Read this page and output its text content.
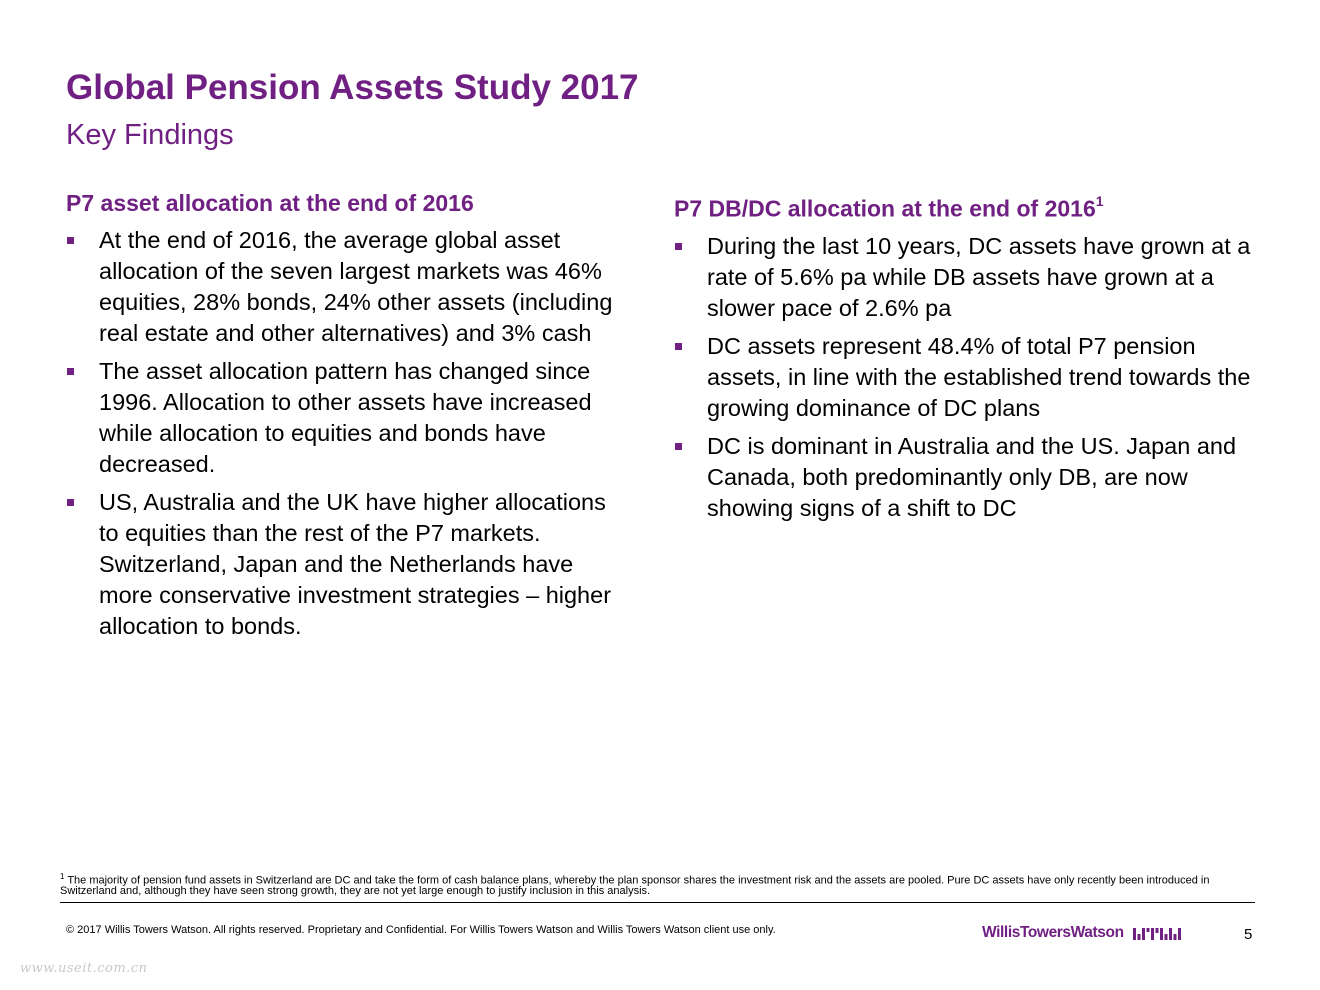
Global Pension Assets Study 2017
Key Findings
P7 asset allocation at the end of 2016
At the end of 2016, the average global asset allocation of the seven largest markets was 46% equities, 28% bonds, 24% other assets (including real estate and other alternatives) and 3% cash
The asset allocation pattern has changed since 1996. Allocation to other assets have increased while allocation to equities and bonds have decreased.
US, Australia and the UK have higher allocations to equities than the rest of the P7 markets. Switzerland, Japan and the Netherlands have more conservative investment strategies – higher allocation to bonds.
P7 DB/DC allocation at the end of 2016$^1$
During the last 10 years, DC assets have grown at a rate of 5.6% pa while DB assets have grown at a slower pace of 2.6% pa
DC assets represent 48.4% of total P7 pension assets, in line with the established trend towards the growing dominance of DC plans
DC is dominant in Australia and the US. Japan and Canada, both predominantly only DB, are now showing signs of a shift to DC
$^1$ The majority of pension fund assets in Switzerland are DC and take the form of cash balance plans, whereby the plan sponsor shares the investment risk and the assets are pooled. Pure DC assets have only recently been introduced in Switzerland and, although they have seen strong growth, they are not yet large enough to justify inclusion in this analysis.
© 2017 Willis Towers Watson. All rights reserved. Proprietary and Confidential. For Willis Towers Watson and Willis Towers Watson client use only.	WillisTowersWatson	5
www.useit.com.cn
